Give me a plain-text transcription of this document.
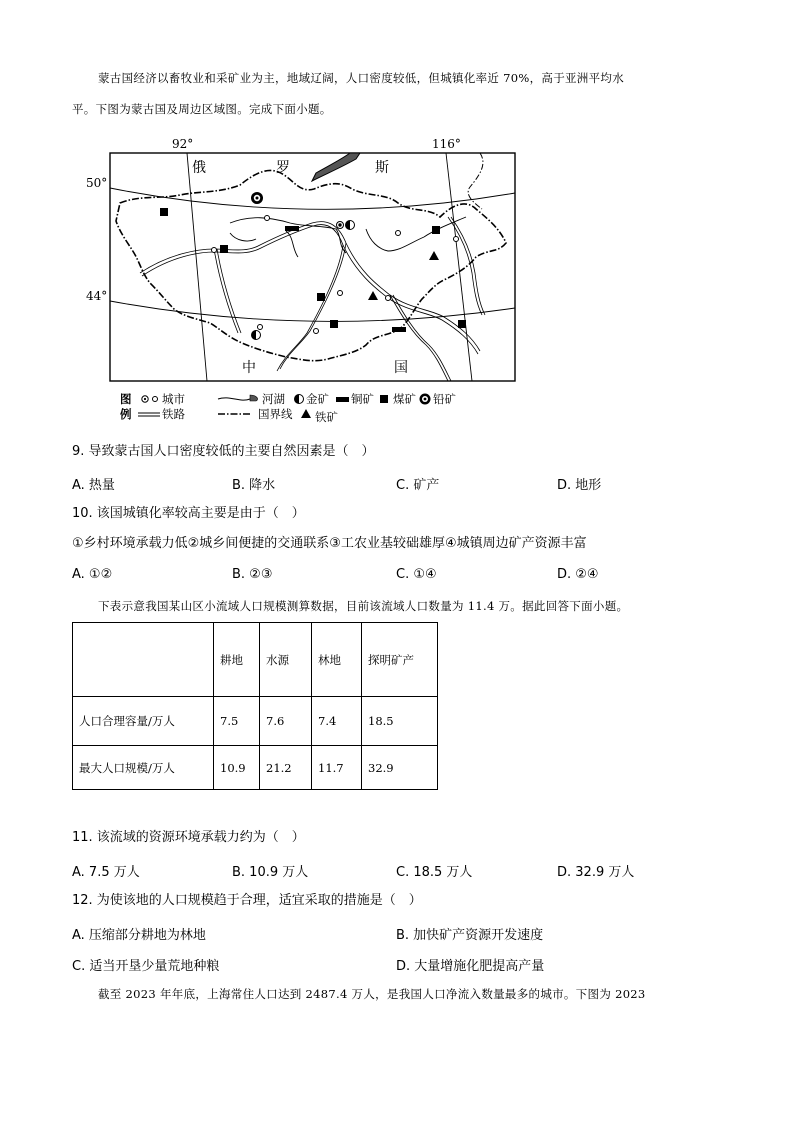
蒙古国经济以畜牧业和采矿业为主，地域辽阔，人口密度较低，但城镇化率近 70%，高于亚洲平均水
平。下图为蒙古国及周边区域图。完成下面小题。
92°	116°
50°
44°
俄	罗	斯
中	国
图
例
城市	河湖 金矿 铜矿 煤矿 铅矿
铁路	国界线 铁矿
9. 导致蒙古国人口密度较低的主要自然因素是（　）
A. 热量	B. 降水	C. 矿产	D. 地形
10. 该国城镇化率较高主要是由于（　）
①乡村环境承载力低②城乡间便捷的交通联系③工农业基较础雄厚④城镇周边矿产资源丰富
A. ①②	B. ②③	C. ①④	D. ②④
下表示意我国某山区小流域人口规模测算数据，目前该流域人口数量为 11.4 万。据此回答下面小题。
	耕地	水源	林地	探明矿产
人口合理容量/万人	7.5	7.6	7.4	18.5
最大人口规模/万人	10.9	21.2	11.7	32.9
11. 该流域的资源环境承载力约为（　）
A. 7.5 万人	B. 10.9 万人	C. 18.5 万人	D. 32.9 万人
12. 为使该地的人口规模趋于合理，适宜采取的措施是（　）
A. 压缩部分耕地为林地	B. 加快矿产资源开发速度
C. 适当开垦少量荒地种粮	D. 大量增施化肥提高产量
截至 2023 年年底，上海常住人口达到 2487.4 万人，是我国人口净流入数量最多的城市。下图为 2023
